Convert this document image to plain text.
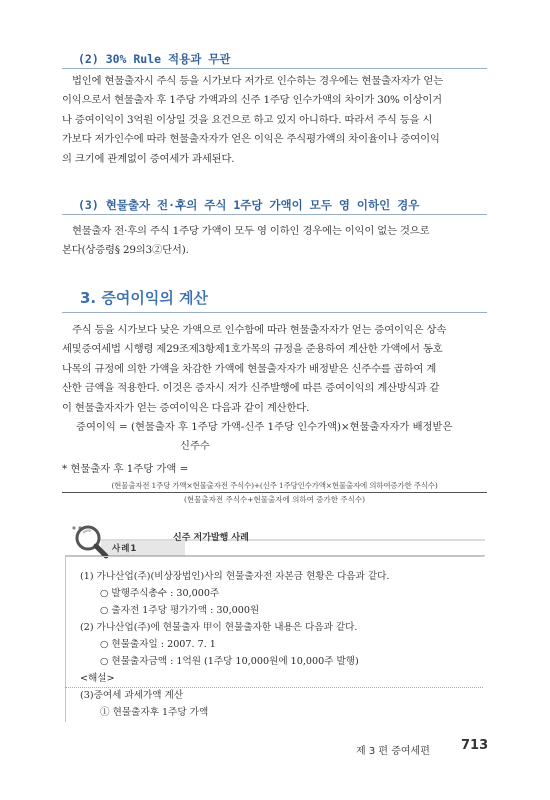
(2) 30% Rule 적용과 무관
법인에 현물출자시 주식 등을 시가보다 저가로 인수하는 경우에는 현물출자자가 얻는
이익으로서 현물출자 후 1주당 가액과의 신주 1주당 인수가액의 차이가 30% 이상이거
나 증여이익이 3억원 이상일 것을 요건으로 하고 있지 아니하다. 따라서 주식 등을 시
가보다 저가인수에 따라 현물출자자가 얻은 이익은 주식평가액의 차이율이나 증여이익
의 크기에 관계없이 증여세가 과세된다.
(3) 현물출자 전·후의 주식 1주당 가액이 모두 영 이하인 경우
현물출자 전·후의 주식 1주당 가액이 모두 영 이하인 경우에는 이익이 없는 것으로
본다(상증령§ 29의3②단서).
3. 증여이익의 계산
주식 등을 시가보다 낮은 가액으로 인수함에 따라 현물출자자가 얻는 증여이익은 상속
세및증여세법 시행령 제29조제3항제1호가목의 규정을 준용하여 계산한 가액에서 동호
나목의 규정에 의한 가액을 차감한 가액에 현물출자자가 배정받은 신주수를 곱하여 계
산한 금액을 적용한다. 이것은 증자시 저가 신주발행에 따른 증여이익의 계산방식과 같
이 현물출자자가 얻는 증여이익은 다음과 같이 계산한다.
증여이익 = (현물출자 후 1주당 가액-신주 1주당 인수가액)×현물출자자가 배정받은
신주수
* 현물출자 후 1주당 가액 =
(현물출자전 1주당 가액×현물출자전 주식수)+(신주 1주당인수가액×현물출자에 의하여증가한 주식수)
(현물출자전 주식수+현물출자에 의하여 증가한 주식수)
신주 저가발행 사례
사례1
(1) 가나산업(주)(비상장법인)사의 현물출자전 자본금 현황은 다음과 같다.
○ 발행주식총수 : 30,000주
○ 출자전 1주당 평가가액 : 30,000원
(2) 가나산업(주)에 현물출자 甲이 현물출자한 내용은 다음과 같다.
○ 현물출자일 : 2007. 7. 1
○ 현물출자금액 : 1억원 (1주당 10,000원에 10,000주 발행)
<해설>
(3)증여세 과세가액 계산
① 현물출자후 1주당 가액
제 3 편 증여세편 713
